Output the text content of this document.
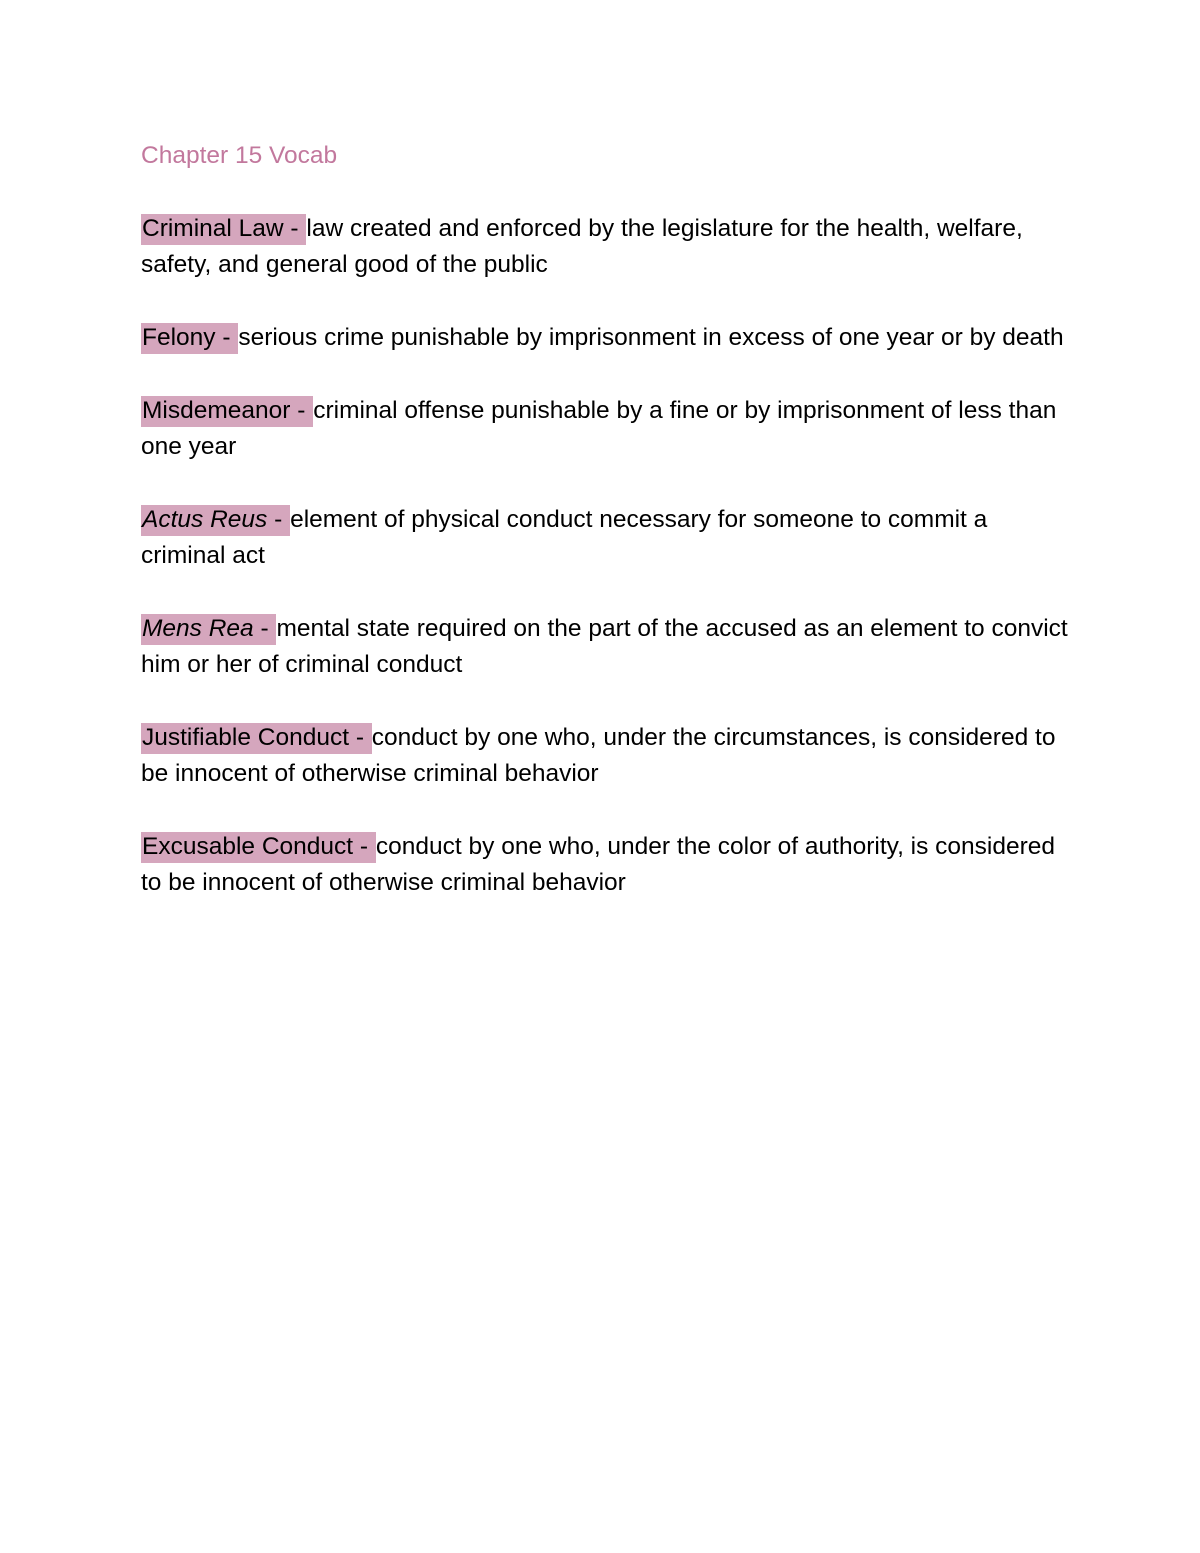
Chapter 15 Vocab
Criminal Law - law created and enforced by the legislature for the health, welfare, safety, and general good of the public
Felony - serious crime punishable by imprisonment in excess of one year or by death
Misdemeanor - criminal offense punishable by a fine or by imprisonment of less than one year
Actus Reus - element of physical conduct necessary for someone to commit a criminal act
Mens Rea - mental state required on the part of the accused as an element to convict him or her of criminal conduct
Justifiable Conduct - conduct by one who, under the circumstances, is considered to be innocent of otherwise criminal behavior
Excusable Conduct - conduct by one who, under the color of authority, is considered to be innocent of otherwise criminal behavior
